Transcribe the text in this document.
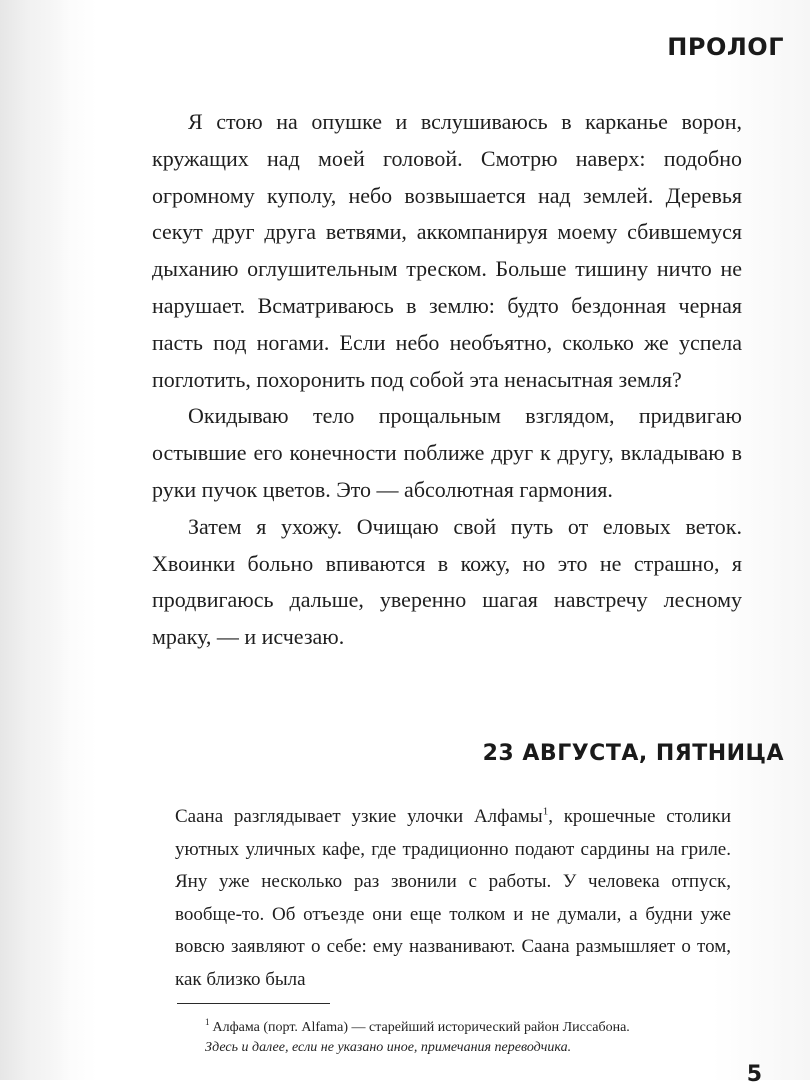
ПРОЛОГ

Я стою на опушке и вслушиваюсь в карканье ворон, кружащих над моей головой. Смотрю наверх: подобно огромному куполу, небо возвышается над землей. Деревья секут друг друга ветвями, аккомпанируя моему сбившемуся дыханию оглушительным треском. Больше тишину ничто не нарушает. Всматриваюсь в землю: будто бездонная черная пасть под ногами. Если небо необъятно, сколько же успела поглотить, похоронить под собой эта ненасытная земля?

Окидываю тело прощальным взглядом, придвигаю остывшие его конечности поближе друг к другу, вкладываю в руки пучок цветов. Это — абсолютная гармония.

Затем я ухожу. Очищаю свой путь от еловых веток. Хвоинки больно впиваются в кожу, но это не страшно, я продвигаюсь дальше, уверенно шагая навстречу лесному мраку, — и исчезаю.

23 АВГУСТА, ПЯТНИЦА

Саана разглядывает узкие улочки Алфамы$^1$, крошечные столики уютных уличных кафе, где традиционно подают сардины на гриле. Яну уже несколько раз звонили с работы. У человека отпуск, вообще-то. Об отъезде они еще толком и не думали, а будни уже вовсю заявляют о себе: ему названивают. Саана размышляет о том, как близко была

$^1$ Алфама (порт. Alfama) — старейший исторический район Лиссабона.

Здесь и далее, если не указано иное, примечания переводчика.

5
